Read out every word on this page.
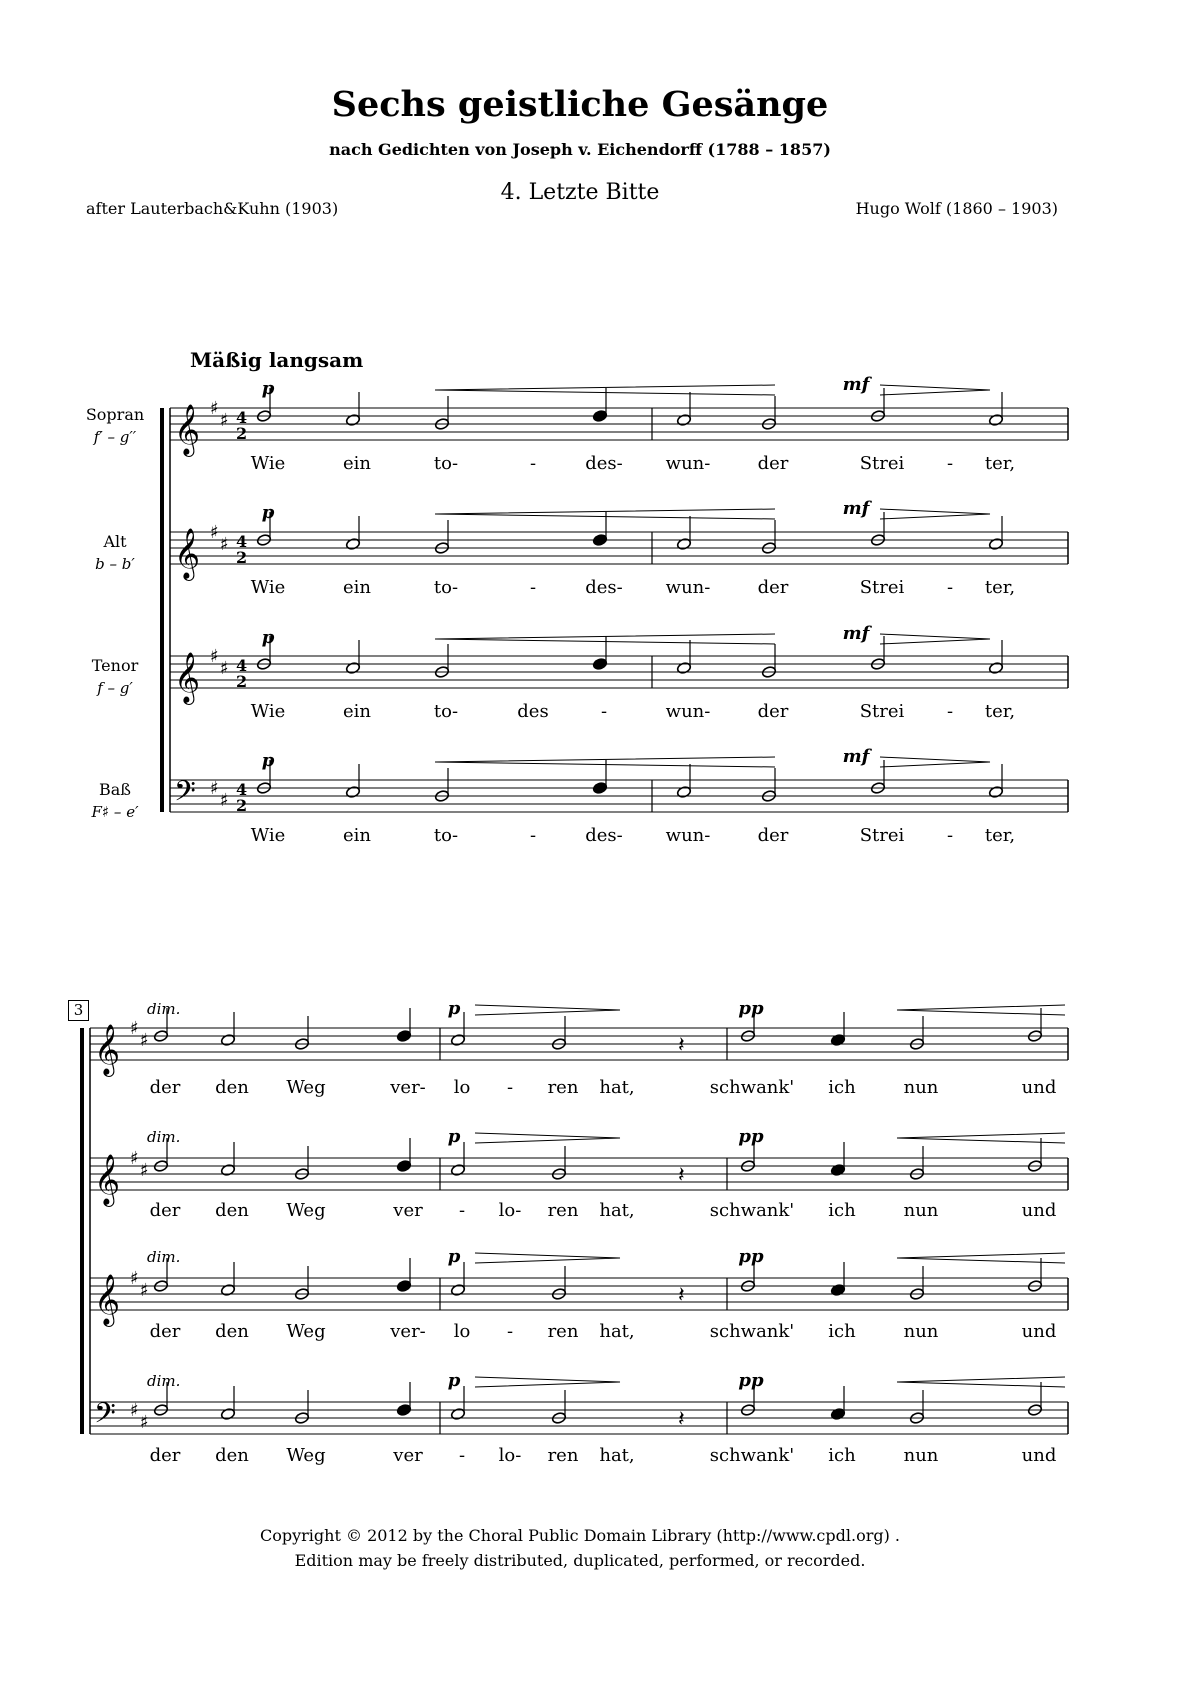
Sechs geistliche Gesänge
nach Gedichten von Joseph v. Eichendorff (1788 – 1857)
4. Letzte Bitte
after Lauterbach&Kuhn (1903)	Hugo Wolf (1860 – 1903)
Mäßig langsam
Sopran
f′ – g′′
Alt
b – b′
Tenor
f – g′
Baß
F♯ – e′
3
𝄞 ♯
♯
𝄞 ♯
♯
𝄞 ♯
♯
𝄢 ♯
♯
𝄞 ♯
♯
𝄞 ♯
♯
𝄞 ♯
♯
𝄢 ♯
♯
4
2
4
2
4
2
4
2
𝄽
𝄽
𝄽
𝄽
Wie	ein	to-	-	des- wun-	der	Strei - ter,
Wie	ein	to-	-	des- wun-	der	Strei - ter,
Wie	ein	to-	des	-	wun-	der	Strei - ter,
Wie	ein	to-	-	des- wun-	der	Strei - ter,
p	mf
p	mf
p	mf
p	mf
der den Weg	ver- lo - ren hat,	schwank' ich	nun	und
der den Weg	ver - lo- ren hat,	schwank' ich	nun	und
der den Weg	ver- lo - ren hat,	schwank' ich	nun	und
der den Weg	ver - lo- ren hat,	schwank' ich	nun	und
dim.	p	pp
dim.	p	pp
dim.	p	pp
dim.	p	pp
Copyright © 2012 by the Choral Public Domain Library (http://www.cpdl.org) .
Edition may be freely distributed, duplicated, performed, or recorded.
